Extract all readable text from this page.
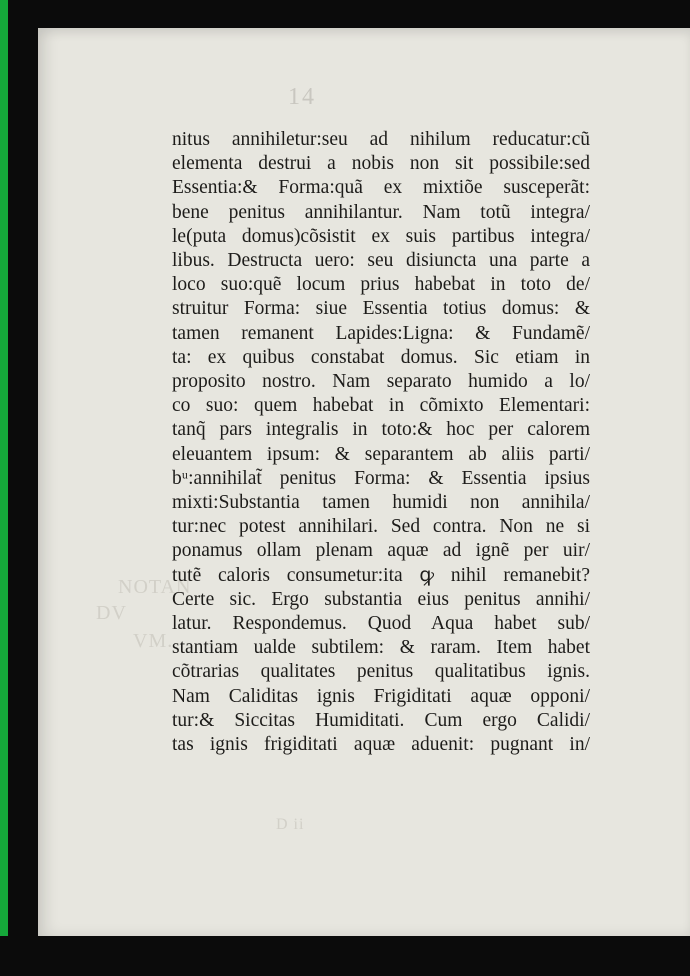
14
NOTAN
DV
VM.
D ii
nitus annihiletur:seu ad nihilum reducatur:cũ
elementa destrui a nobis non sit possibile:sed
Essentia:& Forma:quã ex mixtiõe susceperãt:
bene penitus annihilantur. Nam totũ integra/
le(puta domus)cõsistit ex suis partibus integra/
libus. Destructa uero: seu disiuncta una parte a
loco suo:quẽ locum prius habebat in toto de/
struitur Forma: siue Essentia totius domus: &
tamen remanent Lapides:Ligna: & Fundamẽ/
ta: ex quibus constabat domus. Sic etiam in
proposito nostro. Nam separato humido a lo/
co suo: quem habebat in cõmixto Elementari:
tanq̃ pars integralis in toto:& hoc per calorem
eleuantem ipsum: & separantem ab aliis parti/
bᵘ:annihilat̃ penitus Forma: & Essentia ipsius
mixti:Substantia tamen humidi non annihila/
tur:nec potest annihilari. Sed contra. Non ne si
ponamus ollam plenam aquæ ad ignẽ per uir/
tutẽ caloris consumetur:ita ꝙ nihil remanebit?
Certe sic. Ergo substantia eius penitus annihi/
latur. Respondemus. Quod Aqua habet sub/
stantiam ualde subtilem: & raram. Item habet
cõtrarias qualitates penitus qualitatibus ignis.
Nam Caliditas ignis Frigiditati aquæ opponi/
tur:& Siccitas Humiditati. Cum ergo Calidi/
tas ignis frigiditati aquæ aduenit: pugnant in/
